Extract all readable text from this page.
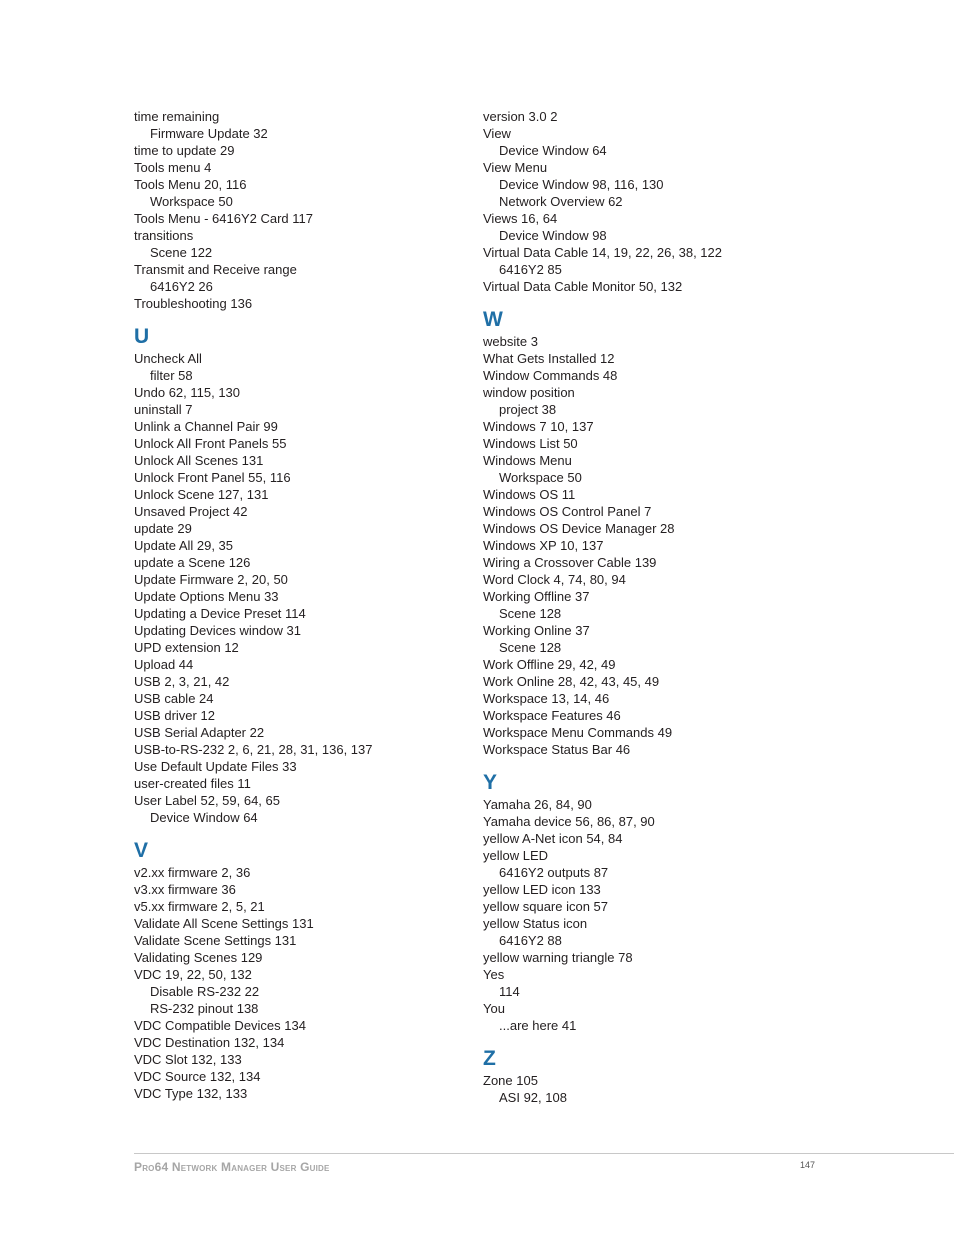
time remaining
Firmware Update 32
time to update 29
Tools menu 4
Tools Menu 20, 116
Workspace 50
Tools Menu - 6416Y2 Card 117
transitions
Scene 122
Transmit and Receive range
6416Y2 26
Troubleshooting 136
U
Uncheck All
filter 58
Undo 62, 115, 130
uninstall 7
Unlink a Channel Pair 99
Unlock All Front Panels 55
Unlock All Scenes 131
Unlock Front Panel 55, 116
Unlock Scene 127, 131
Unsaved Project 42
update 29
Update All 29, 35
update a Scene 126
Update Firmware 2, 20, 50
Update Options Menu 33
Updating a Device Preset 114
Updating Devices window 31
UPD extension 12
Upload 44
USB 2, 3, 21, 42
USB cable 24
USB driver 12
USB Serial Adapter 22
USB-to-RS-232 2, 6, 21, 28, 31, 136, 137
Use Default Update Files 33
user-created files 11
User Label 52, 59, 64, 65
Device Window 64
V
v2.xx firmware 2, 36
v3.xx firmware 36
v5.xx firmware 2, 5, 21
Validate All Scene Settings 131
Validate Scene Settings 131
Validating Scenes 129
VDC 19, 22, 50, 132
Disable RS-232 22
RS-232 pinout 138
VDC Compatible Devices 134
VDC Destination 132, 134
VDC Slot 132, 133
VDC Source 132, 134
VDC Type 132, 133
version 3.0 2
View
Device Window 64
View Menu
Device Window 98, 116, 130
Network Overview 62
Views 16, 64
Device Window 98
Virtual Data Cable 14, 19, 22, 26, 38, 122
6416Y2 85
Virtual Data Cable Monitor 50, 132
W
website 3
What Gets Installed 12
Window Commands 48
window position
project 38
Windows 7 10, 137
Windows List 50
Windows Menu
Workspace 50
Windows OS 11
Windows OS Control Panel 7
Windows OS Device Manager 28
Windows XP 10, 137
Wiring a Crossover Cable 139
Word Clock 4, 74, 80, 94
Working Offline 37
Scene 128
Working Online 37
Scene 128
Work Offline 29, 42, 49
Work Online 28, 42, 43, 45, 49
Workspace 13, 14, 46
Workspace Features 46
Workspace Menu Commands 49
Workspace Status Bar 46
Y
Yamaha 26, 84, 90
Yamaha device 56, 86, 87, 90
yellow A-Net icon 54, 84
yellow LED
6416Y2 outputs 87
yellow LED icon 133
yellow square icon 57
yellow Status icon
6416Y2 88
yellow warning triangle 78
Yes
114
You
...are here 41
Z
Zone 105
ASI 92, 108
Pro64 Network Manager User Guide	147
